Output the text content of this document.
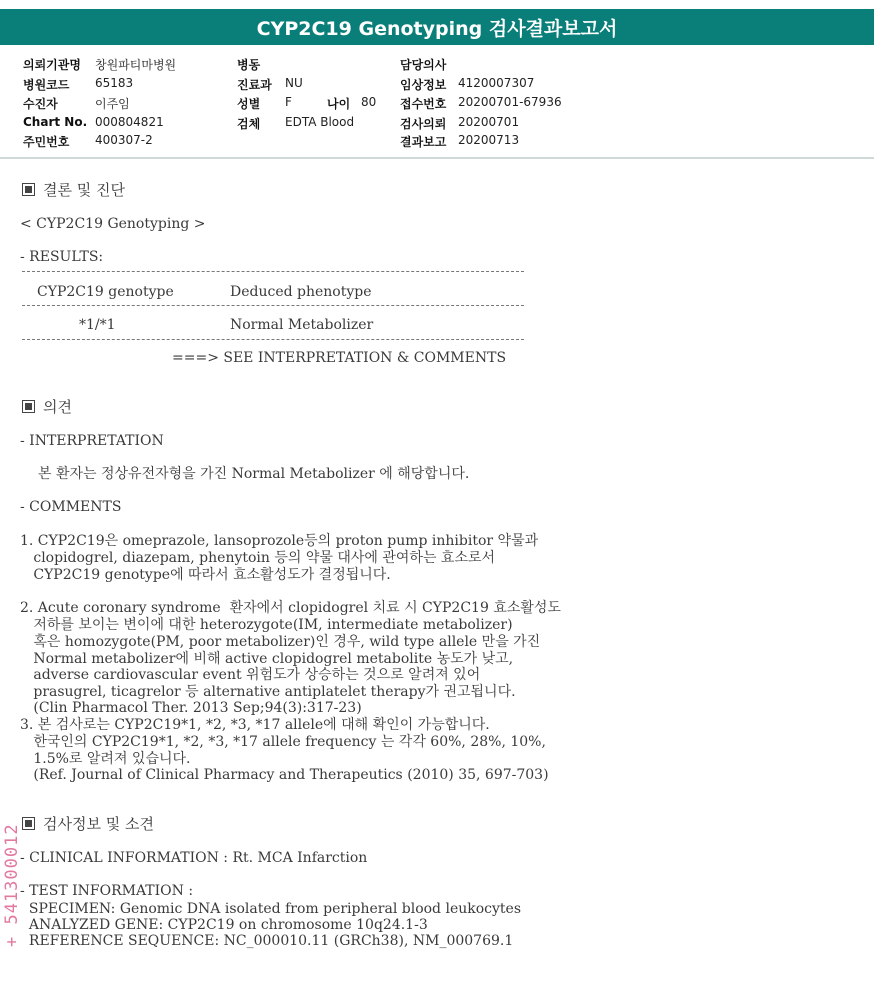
CYP2C19 Genotyping 검사결과보고서
의뢰기관명 창원파티마병원
병원코드 65183
수진자	이주임
Chart No. 000804821
주민번호 400307-2
병동
진료과 NU
성별 F	나이 80
검체 EDTA Blood
담당의사
임상정보 4120007307
접수번호 20200701-67936
검사의뢰 20200701
결과보고 20200713
결론 및 진단
< CYP2C19 Genotyping >
- RESULTS:
CYP2C19 genotype	Deduced phenotype
*1/*1	Normal Metabolizer
===> SEE INTERPRETATION & COMMENTS
의견
- INTERPRETATION
본 환자는 정상유전자형을 가진 Normal Metabolizer 에 해당합니다.
- COMMENTS
1. CYP2C19은 omeprazole, lansoprozole등의 proton pump inhibitor 약물과
clopidogrel, diazepam, phenytoin 등의 약물 대사에 관여하는 효소로서
CYP2C19 genotype에 따라서 효소활성도가 결정됩니다.
2. Acute coronary syndrome  환자에서 clopidogrel 치료 시 CYP2C19 효소활성도
저하를 보이는 변이에 대한 heterozygote(IM, intermediate metabolizer)
혹은 homozygote(PM, poor metabolizer)인 경우, wild type allele 만을 가진
Normal metabolizer에 비해 active clopidogrel metabolite 농도가 낮고,
adverse cardiovascular event 위험도가 상승하는 것으로 알려져 있어
prasugrel, ticagrelor 등 alternative antiplatelet therapy가 권고됩니다.
(Clin Pharmacol Ther. 2013 Sep;94(3):317-23)
3. 본 검사로는 CYP2C19*1, *2, *3, *17 allele에 대해 확인이 가능합니다.
한국인의 CYP2C19*1, *2, *3, *17 allele frequency 는 각각 60%, 28%, 10%,
1.5%로 알려져 있습니다.
(Ref. Journal of Clinical Pharmacy and Therapeutics (2010) 35, 697-703)
검사정보 및 소견
- CLINICAL INFORMATION : Rt. MCA Infarction
- TEST INFORMATION :
SPECIMEN: Genomic DNA isolated from peripheral blood leukocytes
ANALYZED GENE: CYP2C19 on chromosome 10q24.1-3
REFERENCE SEQUENCE: NC_000010.11 (GRCh38), NM_000769.1
+ 541300012
